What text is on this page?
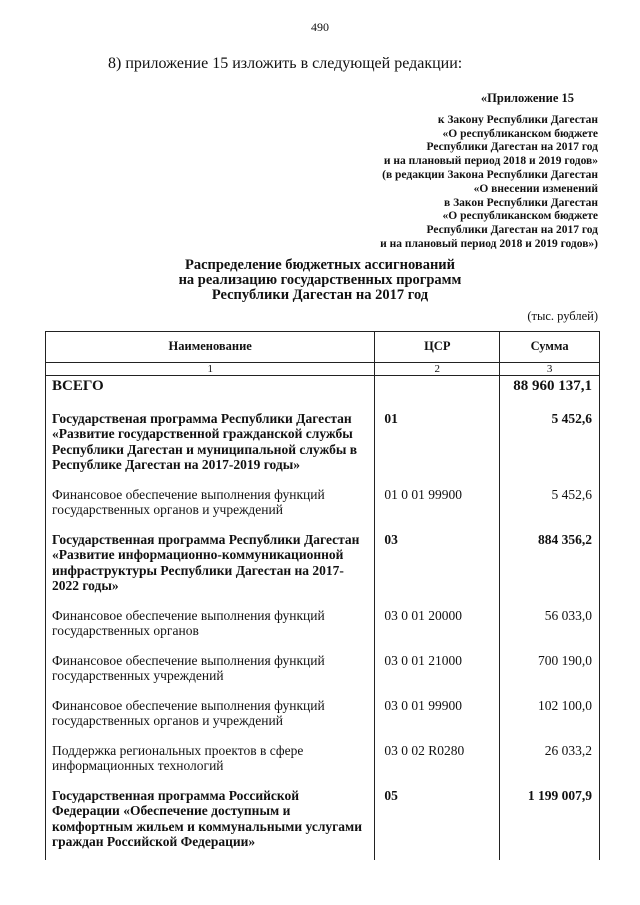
490
8) приложение 15 изложить в следующей редакции:
«Приложение 15
к Закону Республики Дагестан
«О республиканском бюджете
Республики Дагестан на 2017 год
и на плановый период 2018 и 2019 годов»
(в редакции Закона Республики Дагестан
«О внесении изменений
в Закон Республики Дагестан
«О республиканском бюджете
Республики Дагестан на 2017 год
и на плановый период 2018 и 2019 годов»)
Распределение бюджетных ассигнований
на реализацию государственных программ
Республики Дагестан на 2017 год
(тыс. рублей)
Наименование	ЦСР	Сумма
1	2	3
ВСЕГО		88 960 137,1
Государственая программа Республики Дагестан «Развитие государственной гражданской службы Республики Дагестан и муниципальной службы в Республике Дагестан на 2017-2019 годы»	01	5 452,6
Финансовое обеспечение выполнения функций государственных органов и учреждений	01 0 01 99900	5 452,6
Государственная программа Республики Дагестан «Развитие информационно-коммуникационной инфраструктуры Республики Дагестан на 2017-2022 годы»	03	884 356,2
Финансовое обеспечение выполнения функций государственных органов	03 0 01 20000	56 033,0
Финансовое обеспечение выполнения функций государственных учреждений	03 0 01 21000	700 190,0
Финансовое обеспечение выполнения функций государственных органов и учреждений	03 0 01 99900	102 100,0
Поддержка региональных проектов в сфере информационных технологий	03 0 02 R0280	26 033,2
Государственная программа Российской Федерации «Обеспечение доступным и комфортным жильем и коммунальными услугами граждан Российской Федерации»	05	1 199 007,9
